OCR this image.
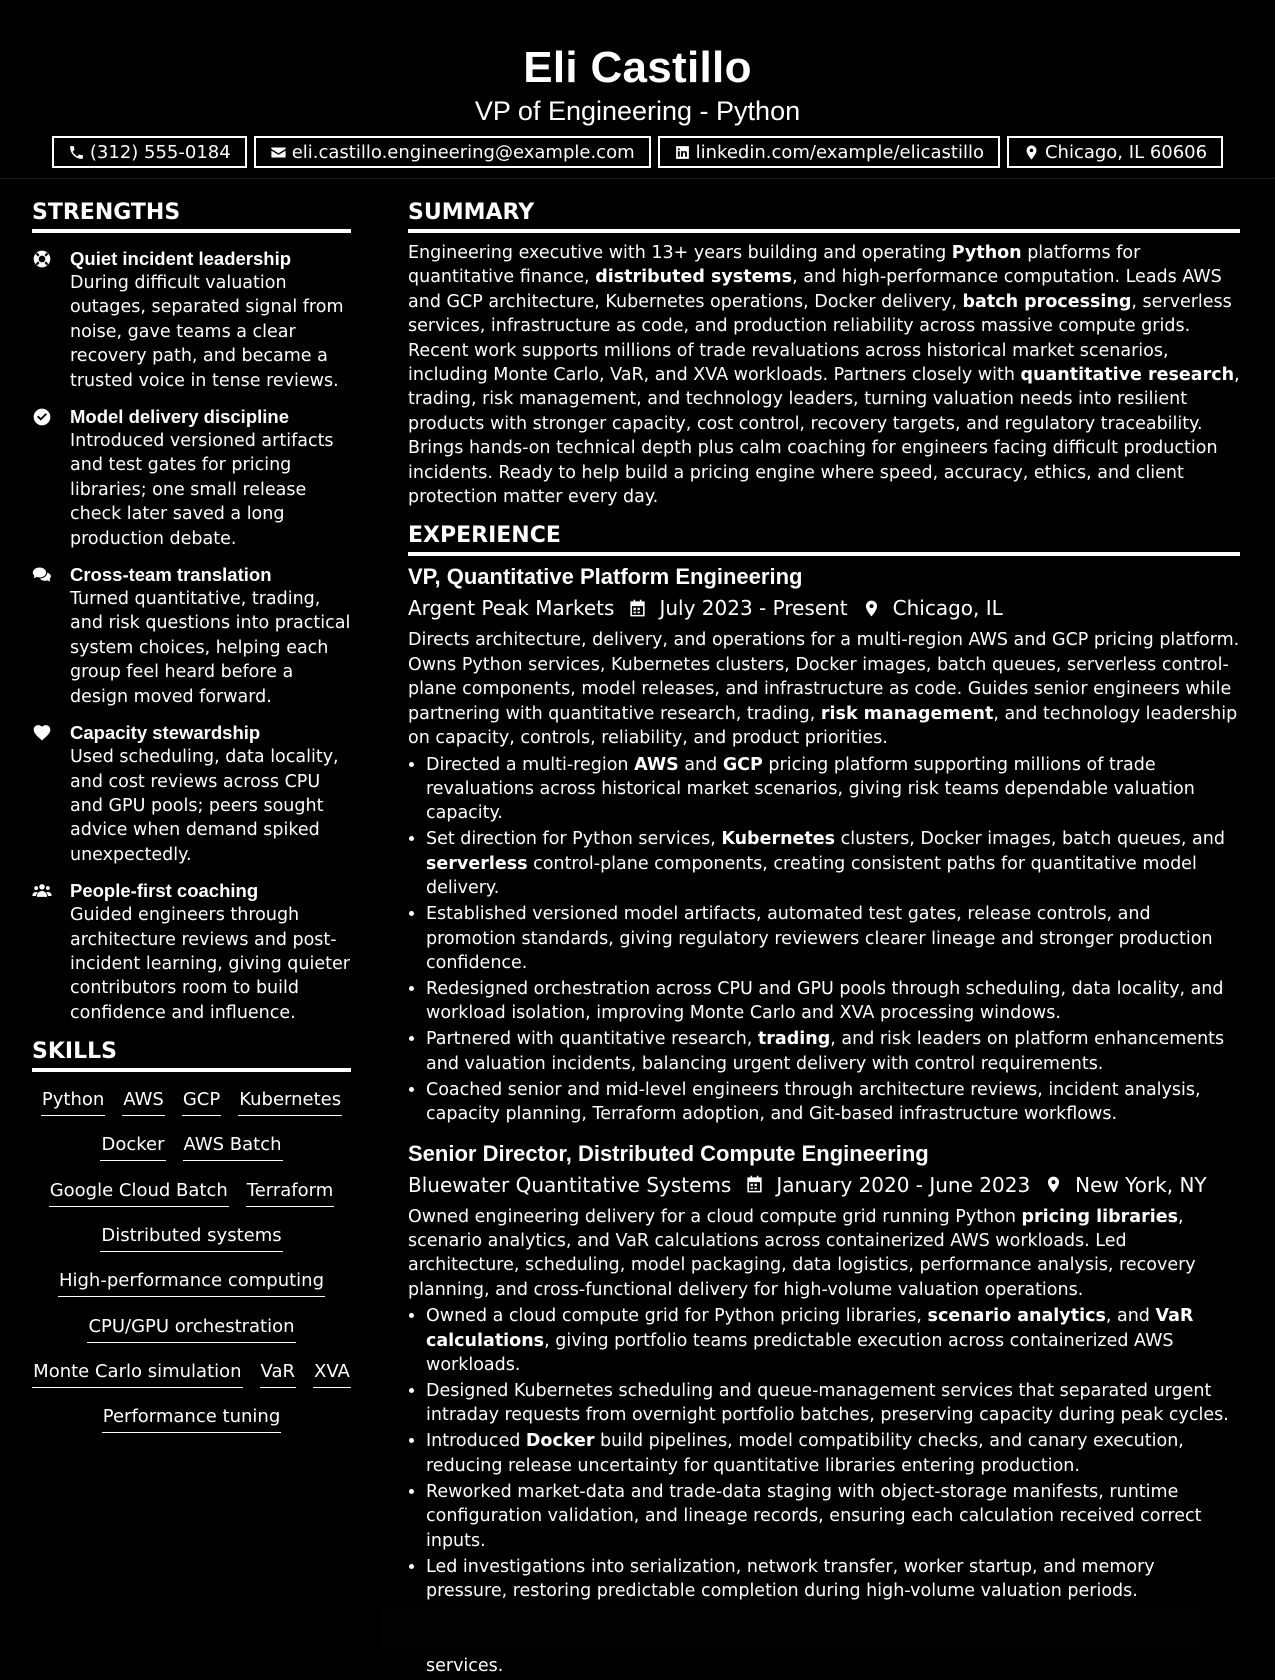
Eli Castillo
VP of Engineering - Python
(312) 555-0184	eli.castillo.engineering@example.com	linkedin.com/example/elicastillo	Chicago, IL 60606
STRENGTHS
Quiet incident leadership
During difficult valuation outages, separated signal from noise, gave teams a clear recovery path, and became a trusted voice in tense reviews.
Model delivery discipline
Introduced versioned artifacts and test gates for pricing libraries; one small release check later saved a long production debate.
Cross-team translation
Turned quantitative, trading, and risk questions into practical system choices, helping each group feel heard before a design moved forward.
Capacity stewardship
Used scheduling, data locality, and cost reviews across CPU and GPU pools; peers sought advice when demand spiked unexpectedly.
People-first coaching
Guided engineers through architecture reviews and post-incident learning, giving quieter contributors room to build confidence and influence.
SKILLS
Python AWS GCP Kubernetes
Docker AWS Batch
Google Cloud Batch Terraform
Distributed systems
High-performance computing
CPU/GPU orchestration
Monte Carlo simulation VaR XVA
Performance tuning
SUMMARY
Engineering executive with 13+ years building and operating Python platforms for quantitative finance, distributed systems, and high-performance computation. Leads AWS and GCP architecture, Kubernetes operations, Docker delivery, batch processing, serverless services, infrastructure as code, and production reliability across massive compute grids. Recent work supports millions of trade revaluations across historical market scenarios, including Monte Carlo, VaR, and XVA workloads. Partners closely with quantitative research, trading, risk management, and technology leaders, turning valuation needs into resilient products with stronger capacity, cost control, recovery targets, and regulatory traceability. Brings hands-on technical depth plus calm coaching for engineers facing difficult production incidents. Ready to help build a pricing engine where speed, accuracy, ethics, and client protection matter every day.
EXPERIENCE
VP, Quantitative Platform Engineering
Argent Peak Markets July 2023 - Present Chicago, IL
Directs architecture, delivery, and operations for a multi-region AWS and GCP pricing platform. Owns Python services, Kubernetes clusters, Docker images, batch queues, serverless control-plane components, model releases, and infrastructure as code. Guides senior engineers while partnering with quantitative research, trading, risk management, and technology leadership on capacity, controls, reliability, and product priorities.
• Directed a multi-region AWS and GCP pricing platform supporting millions of trade revaluations across historical market scenarios, giving risk teams dependable valuation capacity.
• Set direction for Python services, Kubernetes clusters, Docker images, batch queues, and serverless control-plane components, creating consistent paths for quantitative model delivery.
• Established versioned model artifacts, automated test gates, release controls, and promotion standards, giving regulatory reviewers clearer lineage and stronger production confidence.
• Redesigned orchestration across CPU and GPU pools through scheduling, data locality, and workload isolation, improving Monte Carlo and XVA processing windows.
• Partnered with quantitative research, trading, and risk leaders on platform enhancements and valuation incidents, balancing urgent delivery with control requirements.
• Coached senior and mid-level engineers through architecture reviews, incident analysis, capacity planning, Terraform adoption, and Git-based infrastructure workflows.
Senior Director, Distributed Compute Engineering
Bluewater Quantitative Systems January 2020 - June 2023 New York, NY
Owned engineering delivery for a cloud compute grid running Python pricing libraries, scenario analytics, and VaR calculations across containerized AWS workloads. Led architecture, scheduling, model packaging, data logistics, performance analysis, recovery planning, and cross-functional delivery for high-volume valuation operations.
• Owned a cloud compute grid for Python pricing libraries, scenario analytics, and VaR calculations, giving portfolio teams predictable execution across containerized AWS workloads.
• Designed Kubernetes scheduling and queue-management services that separated urgent intraday requests from overnight portfolio batches, preserving capacity during peak cycles.
• Introduced Docker build pipelines, model compatibility checks, and canary execution, reducing release uncertainty for quantitative libraries entering production.
• Reworked market-data and trade-data staging with object-storage manifests, runtime configuration validation, and lineage records, ensuring each calculation received correct inputs.
• Led investigations into serialization, network transfer, worker startup, and memory pressure, restoring predictable completion during high-volume valuation periods.
• services.
